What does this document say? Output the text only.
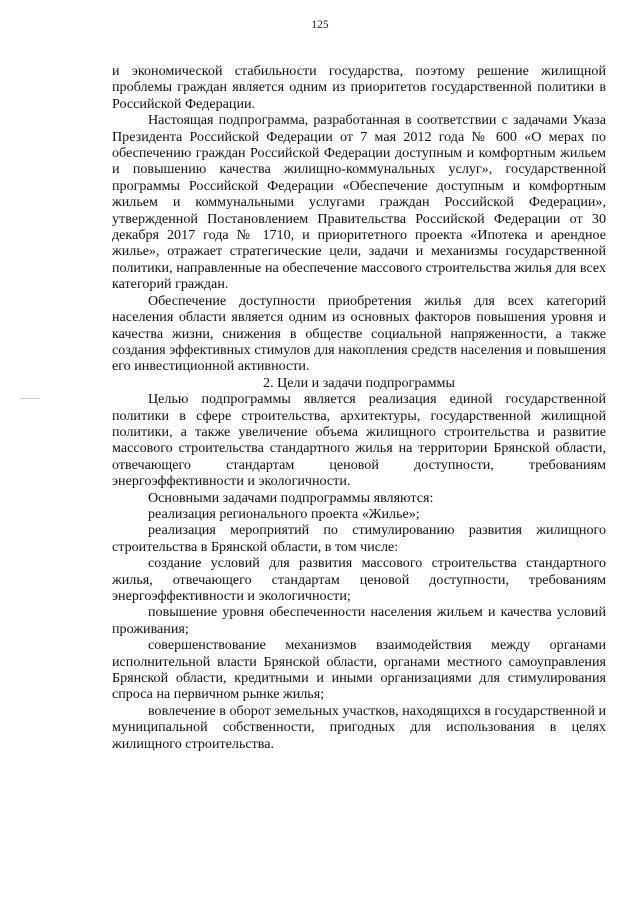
125

и экономической стабильности государства, поэтому решение жилищной проблемы граждан является одним из приоритетов государственной политики в Российской Федерации.

Настоящая подпрограмма, разработанная в соответствии с задачами Указа Президента Российской Федерации от 7 мая 2012 года № 600 «О мерах по обеспечению граждан Российской Федерации доступным и комфортным жильем и повышению качества жилищно-коммунальных услуг», государственной программы Российской Федерации «Обеспечение доступным и комфортным жильем и коммунальными услугами граждан Российской Федерации», утвержденной Постановлением Правительства Российской Федерации от 30 декабря 2017 года № 1710, и приоритетного проекта «Ипотека и арендное жилье», отражает стратегические цели, задачи и механизмы государственной политики, направленные на обеспечение массового строительства жилья для всех категорий граждан.

Обеспечение доступности приобретения жилья для всех категорий населения области является одним из основных факторов повышения уровня и качества жизни, снижения в обществе социальной напряженности, а также создания эффективных стимулов для накопления средств населения и повышения его инвестиционной активности.

2. Цели и задачи подпрограммы

Целью подпрограммы является реализация единой государственной политики в сфере строительства, архитектуры, государственной жилищной политики, а также увеличение объема жилищного строительства и развитие массового строительства стандартного жилья на территории Брянской области, отвечающего стандартам ценовой доступности, требованиям энергоэффективности и экологичности.

Основными задачами подпрограммы являются:

реализация регионального проекта «Жилье»;

реализация мероприятий по стимулированию развития жилищного строительства в Брянской области, в том числе:

создание условий для развития массового строительства стандартного жилья, отвечающего стандартам ценовой доступности, требованиям энергоэффективности и экологичности;

повышение уровня обеспеченности населения жильем и качества условий проживания;

совершенствование механизмов взаимодействия между органами исполнительной власти Брянской области, органами местного самоуправления Брянской области, кредитными и иными организациями для стимулирования спроса на первичном рынке жилья;

вовлечение в оборот земельных участков, находящихся в государственной и муниципальной собственности, пригодных для использования в целях жилищного строительства.
